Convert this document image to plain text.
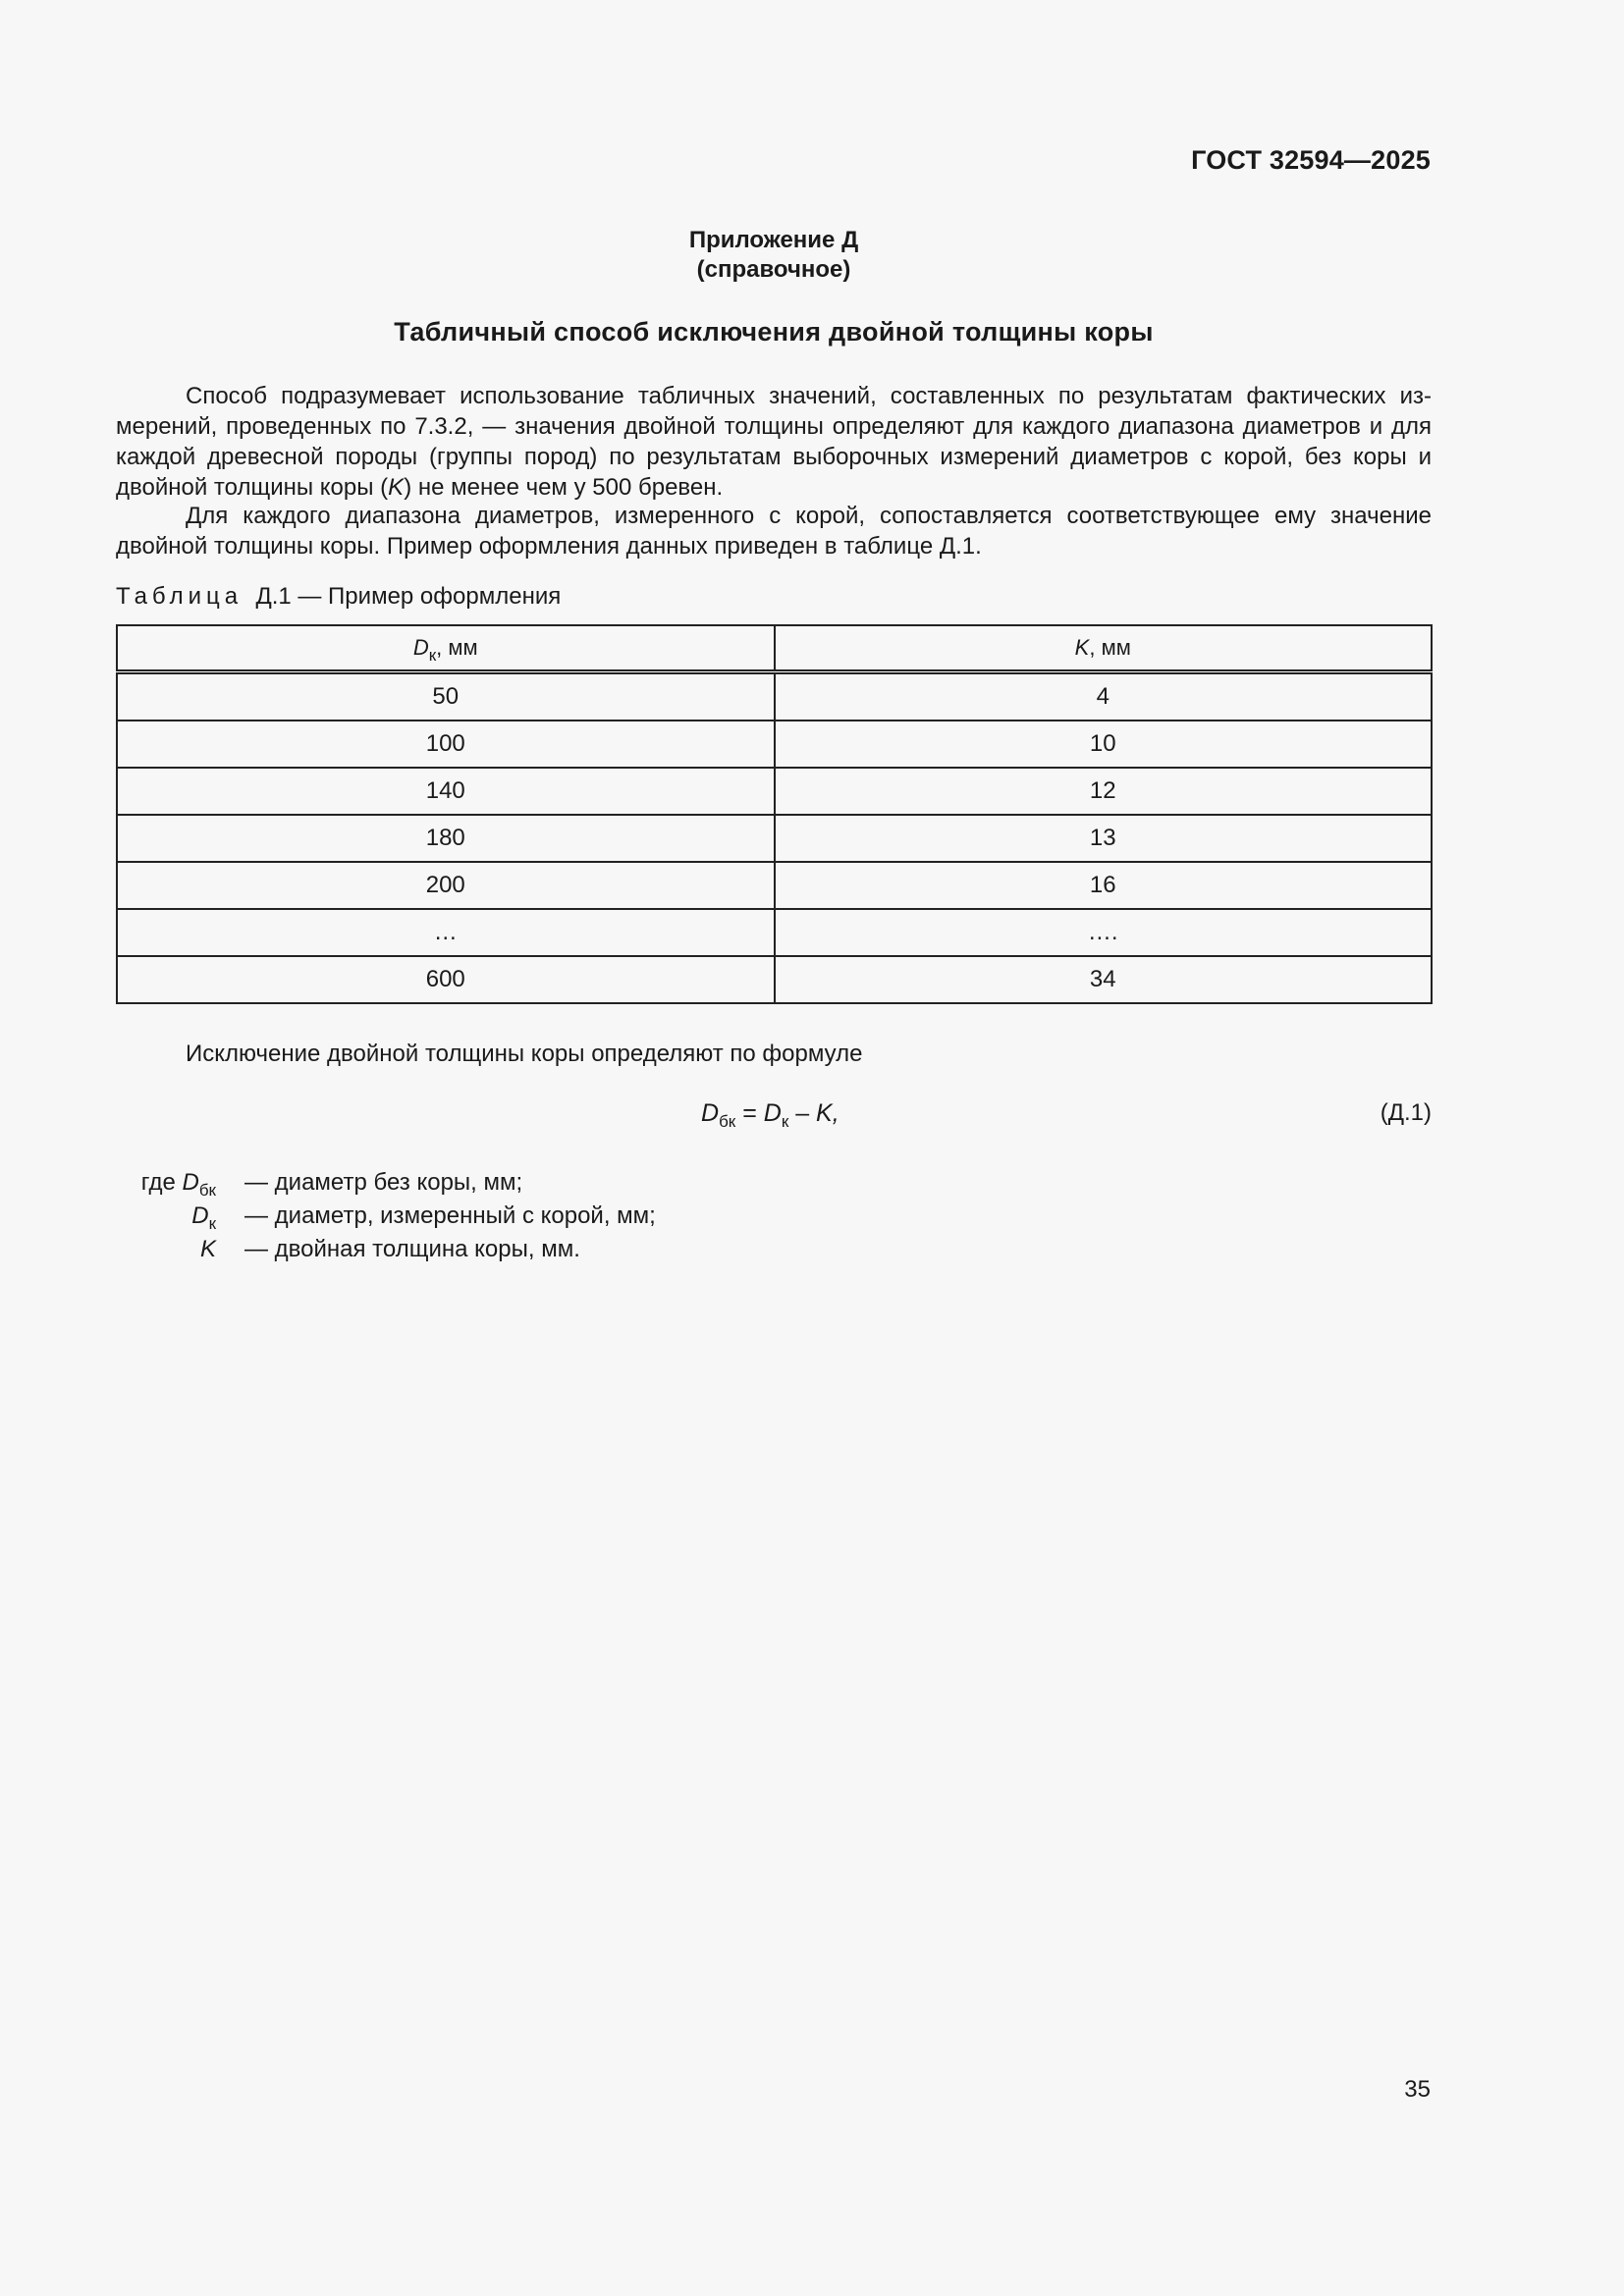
ГОСТ 32594—2025
Приложение Д
(справочное)
Табличный способ исключения двойной толщины коры

Способ подразумевает использование табличных значений, составленных по результатам фактических измерений, проведенных по 7.3.2, — значения двойной толщины определяют для каждого диапазона диаметров и для каждой древесной породы (группы пород) по результатам выборочных измерений диаметров с корой, без коры и двойной толщины коры (K) не менее чем у 500 бревен.

Для каждого диапазона диаметров, измеренного с корой, сопоставляется соответствующее ему значение двойной толщины коры. Пример оформления данных приведен в таблице Д.1.

Таблица Д.1 — Пример оформления
$D_к$, мм	K, мм
50	4
100	10
140	12
180	13
200	16
…	….
600	34
Исключение двойной толщины коры определяют по формуле
$D_{бк} = D_к - K$,	(Д.1)
где $D_{бк}$ — диаметр без коры, мм;
$D_к$ — диаметр, измеренный с корой, мм;
K — двойная толщина коры, мм.
35
